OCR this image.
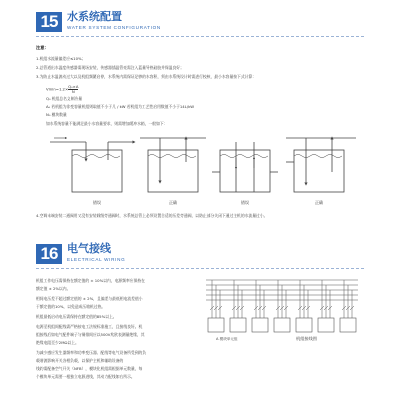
15 水系统配置
WATER SYSTEM CONFIGURATION
注意：
1.机组水流量偏差应≤10%；
2.总管道出水温度传感器需现场安装，传感器插温管亮需注入蓝量导热硅胶并保温良好；
3.为防止水温波动过大以及机组频繁启停，水系统内需保证足够的水容积，须由水系统设计时需进行校核，最小水容量按下式计算：
$Vmin=1.2\times \frac{\text{Q₀×A}}{N}$
Q₀ 机组总名义制冷量
A₀ 若机组为非变容量机组则取值不小于几 / kW 若机组为工艺性启用数值不小于14L/kW
N₀ 模块数量
如水系统容量不能满足最小水容量要求，则需增加缓冲水箱，一般如下：
错误	正确	错误	正确
4.空调末端安装二通阀用又没有安装载级旁通阀时，水系统总管上必须设置合适的压差旁通阀，以防止部分关闭下通过主机的水流量过小。
16 电气接线
ELECTRICAL WIRING
机组工作电压需保持在额定值的 ± 10%以内，电源频率应保持在
额定值 ± 2%以内。
相间电压差不超过额定值的 ± 2%，且偏差与最低相电流差值小
于额定值的10%，以免造成压缩机过热。
机组最低启动电压需保持在额定值的85%以上。
电源至机组间配线需严格按电工法规标准施工，且接线良好。机
组接线后如电气配件端子与铜排间应以500V兆欧表测量绝缘，其
绝缘电阻至少2MΩ以上。
为减少感应发生器频率和功率变压器、配线等电气设备所受到的负
载谐波影响开关各相负载，以保护主机和辅助设备的
线约需配备空气开关（NFB），模块化机组需根据单元数量，每
个模块单元需要一根独立电源进线，其动力配线如右所示。
A 模块单元组	机组接线图
